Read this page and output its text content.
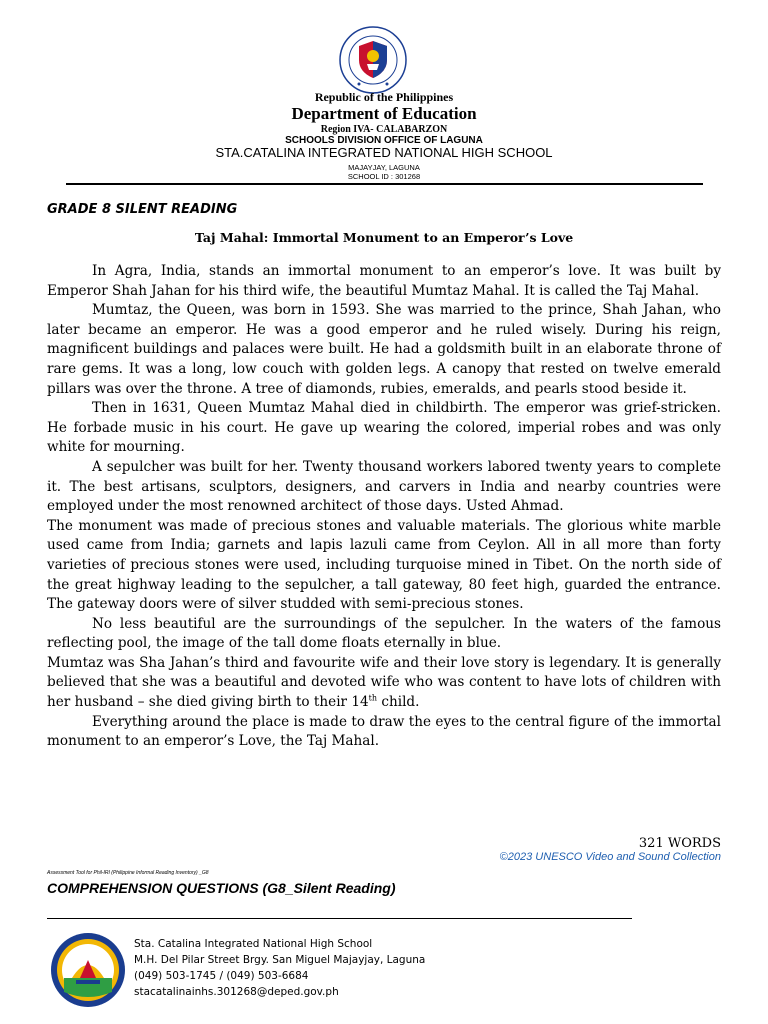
Republic of the Philippines
Department of Education
Region IVA- CALABARZON
SCHOOLS DIVISION OFFICE OF LAGUNA
STA.CATALINA INTEGRATED NATIONAL HIGH SCHOOL
MAJAYJAY, LAGUNA
SCHOOL ID : 301268
GRADE 8 SILENT READING
Taj Mahal: Immortal Monument to an Emperor’s Love

In Agra, India, stands an immortal monument to an emperor’s love. It was built by Emperor Shah Jahan for his third wife, the beautiful Mumtaz Mahal. It is called the Taj Mahal.

Mumtaz, the Queen, was born in 1593. She was married to the prince, Shah Jahan, who later became an emperor. He was a good emperor and he ruled wisely. During his reign, magnificent buildings and palaces were built. He had a goldsmith built in an elaborate throne of rare gems. It was a long, low couch with golden legs. A canopy that rested on twelve emerald pillars was over the throne. A tree of diamonds, rubies, emeralds, and pearls stood beside it.

Then in 1631, Queen Mumtaz Mahal died in childbirth. The emperor was grief-stricken. He forbade music in his court. He gave up wearing the colored, imperial robes and was only white for mourning.

A sepulcher was built for her. Twenty thousand workers labored twenty years to complete it. The best artisans, sculptors, designers, and carvers in India and nearby countries were employed under the most renowned architect of those days. Usted Ahmad.

The monument was made of precious stones and valuable materials. The glorious white marble used came from India; garnets and lapis lazuli came from Ceylon. All in all more than forty varieties of precious stones were used, including turquoise mined in Tibet. On the north side of the great highway leading to the sepulcher, a tall gateway, 80 feet high, guarded the entrance. The gateway doors were of silver studded with semi-precious stones.

No less beautiful are the surroundings of the sepulcher. In the waters of the famous reflecting pool, the image of the tall dome floats eternally in blue.

Mumtaz was Sha Jahan’s third and favourite wife and their love story is legendary. It is generally believed that she was a beautiful and devoted wife who was content to have lots of children with her husband – she died giving birth to their 14th child.

Everything around the place is made to draw the eyes to the central figure of the immortal monument to an emperor’s Love, the Taj Mahal.

321 WORDS
©2023 UNESCO Video and Sound Collection
Assessment Tool for Phil-IRI (Philippine Informal Reading Inventory) _G8
COMPREHENSION QUESTIONS (G8_Silent Reading)
Sta. Catalina Integrated National High School
M.H. Del Pilar Street Brgy. San Miguel Majayjay, Laguna
(049) 503-1745 / (049) 503-6684
stacatalinainhs.301268@deped.gov.ph
